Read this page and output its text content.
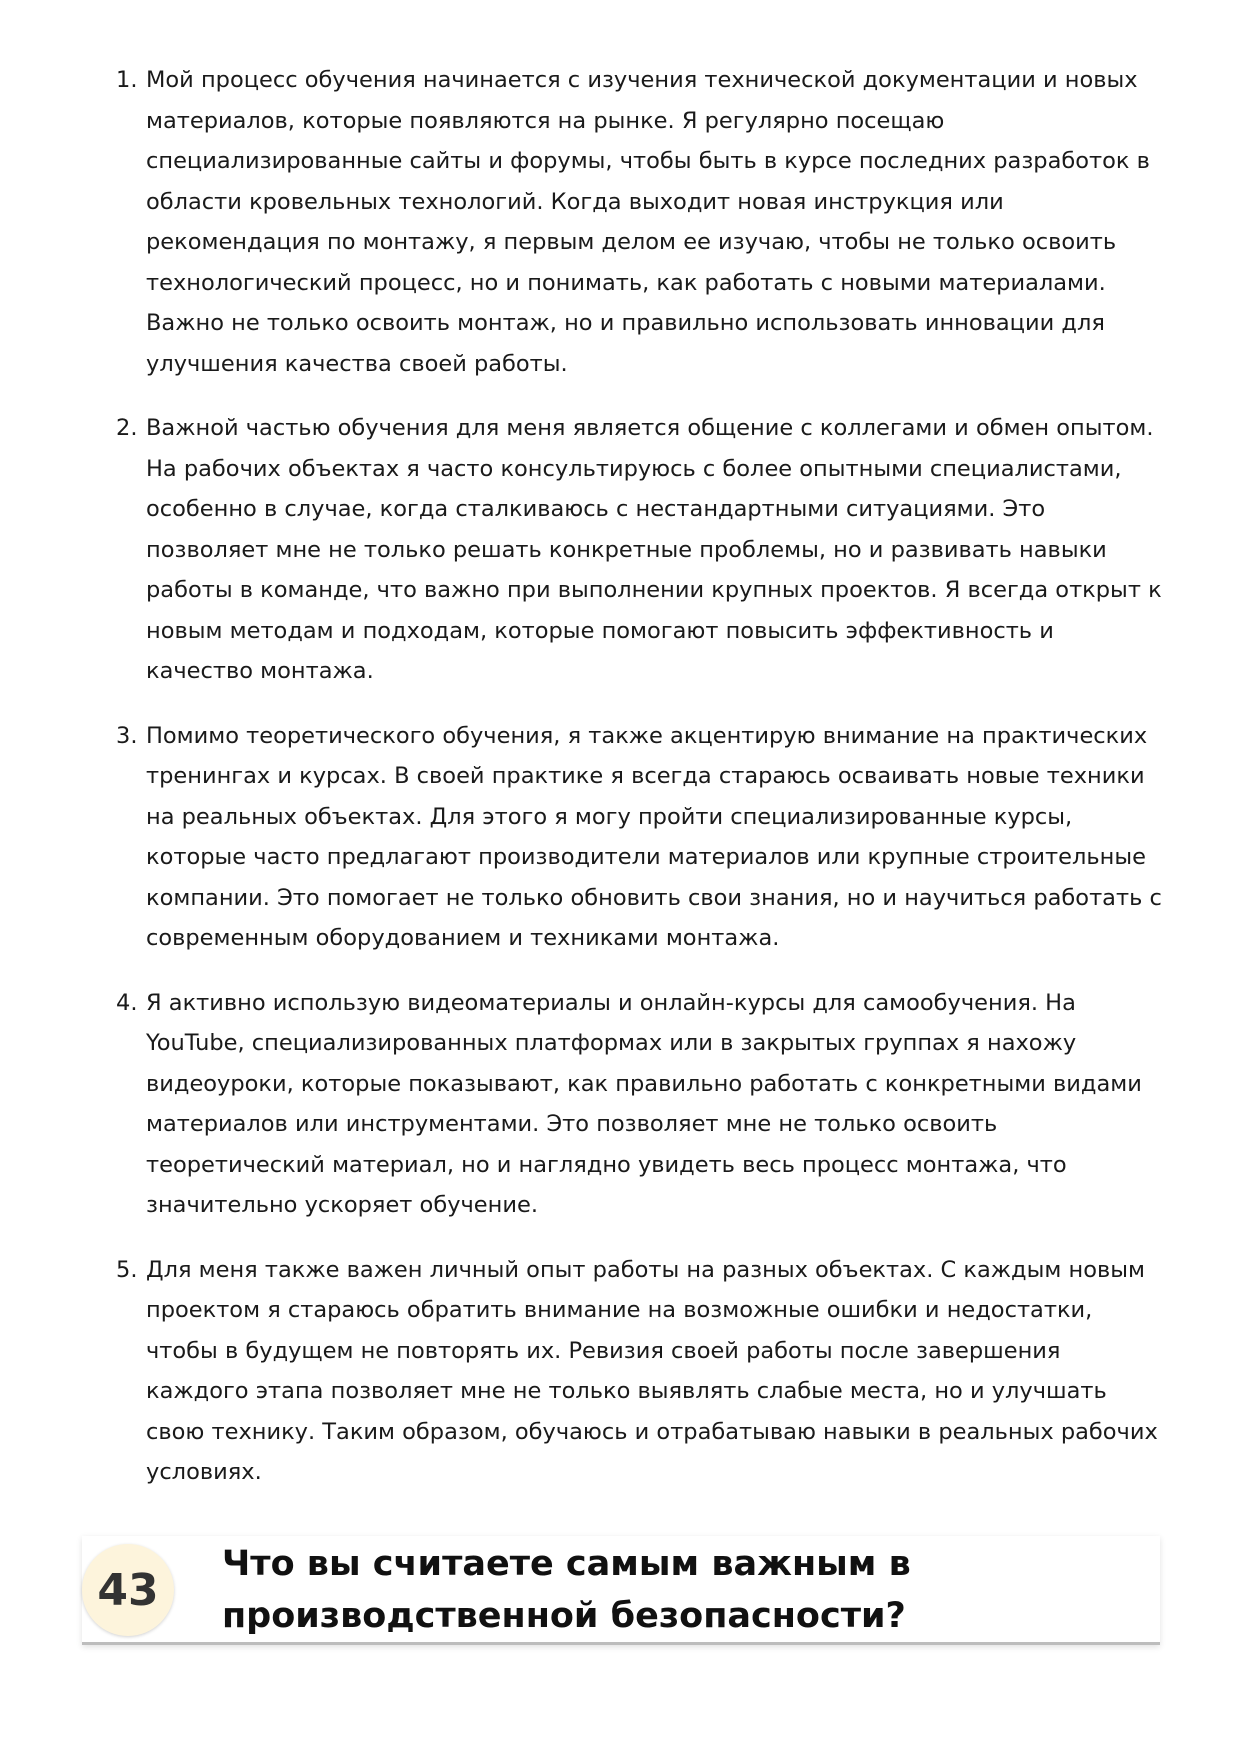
1. Мой процесс обучения начинается с изучения технической документации и новых материалов, которые появляются на рынке. Я регулярно посещаю специализированные сайты и форумы, чтобы быть в курсе последних разработок в области кровельных технологий. Когда выходит новая инструкция или рекомендация по монтажу, я первым делом ее изучаю, чтобы не только освоить технологический процесс, но и понимать, как работать с новыми материалами. Важно не только освоить монтаж, но и правильно использовать инновации для улучшения качества своей работы.
2. Важной частью обучения для меня является общение с коллегами и обмен опытом. На рабочих объектах я часто консультируюсь с более опытными специалистами, особенно в случае, когда сталкиваюсь с нестандартными ситуациями. Это позволяет мне не только решать конкретные проблемы, но и развивать навыки работы в команде, что важно при выполнении крупных проектов. Я всегда открыт к новым методам и подходам, которые помогают повысить эффективность и качество монтажа.
3. Помимо теоретического обучения, я также акцентирую внимание на практических тренингах и курсах. В своей практике я всегда стараюсь осваивать новые техники на реальных объектах. Для этого я могу пройти специализированные курсы, которые часто предлагают производители материалов или крупные строительные компании. Это помогает не только обновить свои знания, но и научиться работать с современным оборудованием и техниками монтажа.
4. Я активно использую видеоматериалы и онлайн-курсы для самообучения. На YouTube, специализированных платформах или в закрытых группах я нахожу видеоуроки, которые показывают, как правильно работать с конкретными видами материалов или инструментами. Это позволяет мне не только освоить теоретический материал, но и наглядно увидеть весь процесс монтажа, что значительно ускоряет обучение.
5. Для меня также важен личный опыт работы на разных объектах. С каждым новым проектом я стараюсь обратить внимание на возможные ошибки и недостатки, чтобы в будущем не повторять их. Ревизия своей работы после завершения каждого этапа позволяет мне не только выявлять слабые места, но и улучшать свою технику. Таким образом, обучаюсь и отрабатываю навыки в реальных рабочих условиях.
43
Что вы считаете самым важным в производственной безопасности?
